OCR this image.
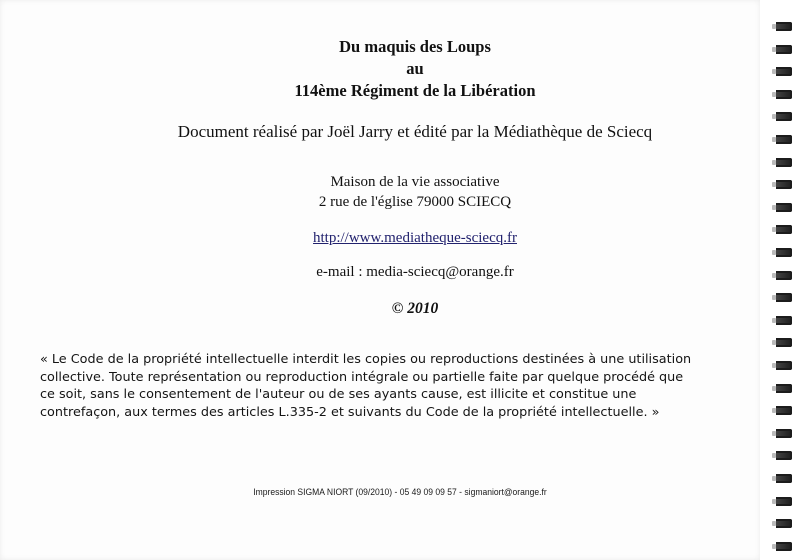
Du maquis des Loups
au
114ème Régiment de la Libération
Document réalisé par Joël Jarry et édité par la Médiathèque de Sciecq
Maison de la vie associative
2 rue de l'église 79000 SCIECQ
http://www.mediatheque-sciecq.fr
e-mail : media-sciecq@orange.fr
© 2010
« Le Code de la propriété intellectuelle interdit les copies ou reproductions destinées à une utilisation
collective. Toute représentation ou reproduction intégrale ou partielle faite par quelque procédé que
ce soit, sans le consentement de l'auteur ou de ses ayants cause, est illicite et constitue une
contrefaçon, aux termes des articles L.335-2 et suivants du Code de la propriété intellectuelle. »
Impression SIGMA NIORT (09/2010) - 05 49 09 09 57 - sigmaniort@orange.fr
